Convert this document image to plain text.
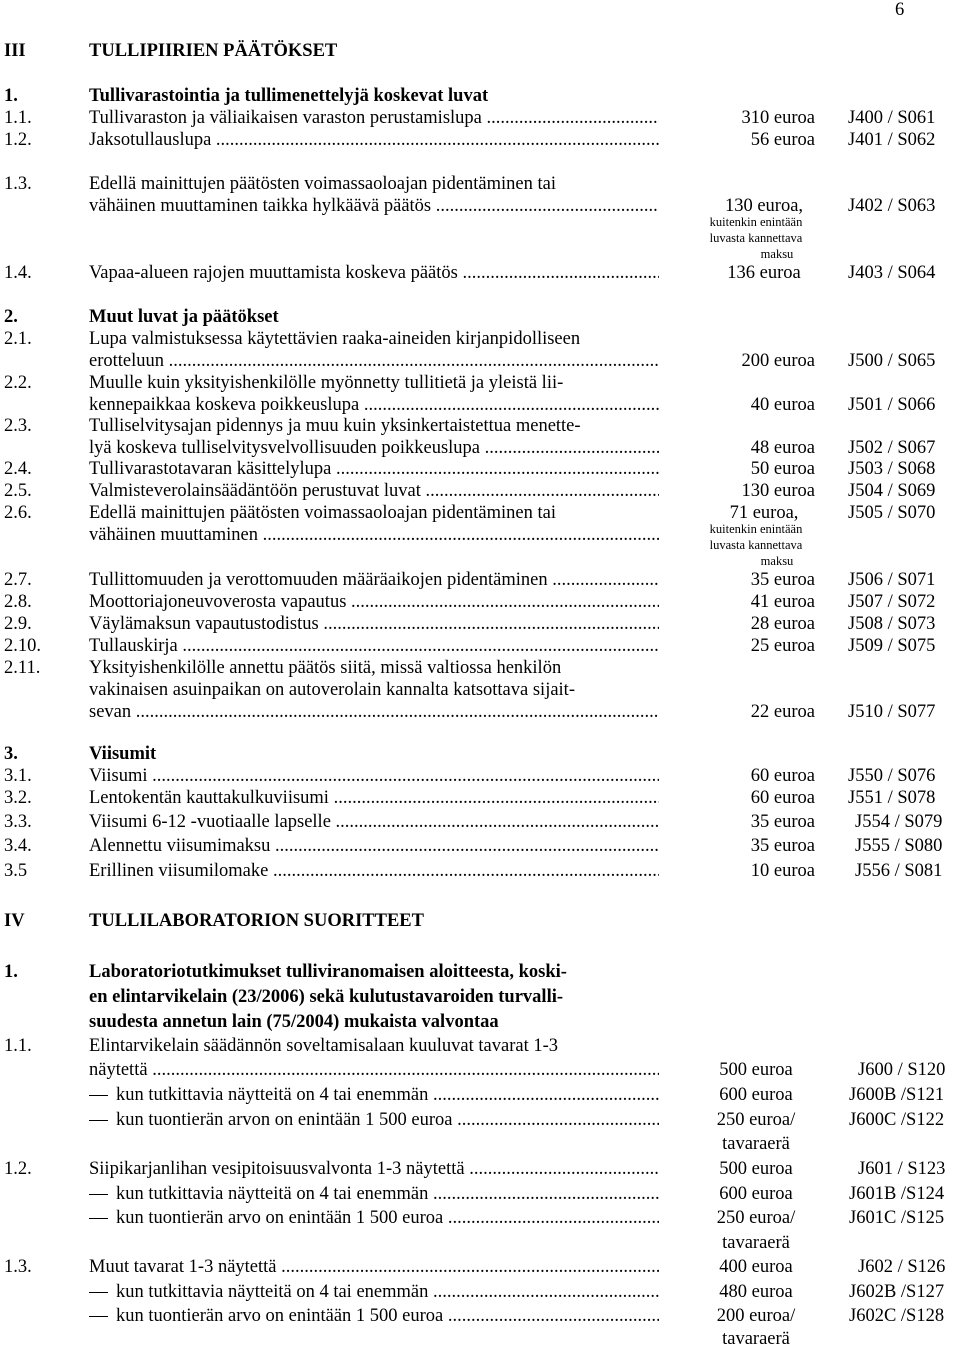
6
III	TULLIPIIRIEN PÄÄTÖKSET
1.	Tullivarastointia ja tullimenettelyjä koskevat luvat
1.1.	Tullivaraston ja väliaikaisen varaston perustamislupa .....	310 euroa J400 / S061
1.2.	Jaksotullauslupa .....	56 euroa J401 / S062
1.3.	Edellä mainittujen päätösten voimassaoloajan pidentäminen tai
vähäinen muuttaminen taikka hylkäävä päätös .....	130 euroa,	J402 / S063
kuitenkin enintään
luvasta kannettava
maksu
1.4.	Vapaa-alueen rajojen muuttamista koskeva päätös .....	136 euroa	J403 / S064
2.	Muut luvat ja päätökset
2.1.	Lupa valmistuksessa käytettävien raaka-aineiden kirjanpidolliseen
erotteluun .....	200 euroa J500 / S065
2.2.	Muulle kuin yksityishenkilölle myönnetty tullitietä ja yleistä lii-
kennepaikkaa koskeva poikkeuslupa .....	40 euroa J501 / S066
2.3.	Tulliselvitysajan pidennys ja muu kuin yksinkertaistettua menette-
lyä koskeva tulliselvitysvelvollisuuden poikkeuslupa .....	48 euroa J502 / S067
2.4.	Tullivarastotavaran käsittelylupa .....	50 euroa J503 / S068
2.5.	Valmisteverolainsäädäntöön perustuvat luvat .....	130 euroa J504 / S069
2.6.	Edellä mainittujen päätösten voimassaoloajan pidentäminen tai	71 euroa,	J505 / S070
vähäinen muuttaminen .....	kuitenkin enintään
luvasta kannettava
maksu
2.7.	Tullittomuuden ja verottomuuden määräaikojen pidentäminen .....	35 euroa J506 / S071
2.8.	Moottoriajoneuvoverosta vapautus .....	41 euroa J507 / S072
2.9.	Väylämaksun vapautustodistus .....	28 euroa J508 / S073
2.10.	Tullauskirja .....	25 euroa J509 / S075
2.11.	Yksityishenkilölle annettu päätös siitä, missä valtiossa henkilön
vakinaisen asuinpaikan on autoverolain kannalta katsottava sijait-
sevan .....	22 euroa J510 / S077
3.	Viisumit
3.1.	Viisumi .....	60 euroa J550 / S076
3.2.	Lentokentän kauttakulkuviisumi .....	60 euroa J551 / S078
3.3.	Viisumi 6-12 -vuotiaalle lapselle .....	35 euroa J554 / S079
3.4.	Alennettu viisumimaksu .....	35 euroa J555 / S080
3.5	Erillinen viisumilomake .....	10 euroa J556 / S081
IV	TULLILABORATORION SUORITTEET
1.	Laboratoriotutkimukset tulliviranomaisen aloitteesta, koski-
en elintarvikelain (23/2006) sekä kulutustavaroiden turvalli-
suudesta annetun lain (75/2004) mukaista valvontaa
1.1.	Elintarvikelain säädännön soveltamisalaan kuuluvat tavarat 1-3
näytettä .....	500 euroa	J600 / S120
kun tutkittavia näytteitä on 4 tai enemmän .....	600 euroa	J600B /S121
kun tuontierän arvon on enintään 1 500 euroa .....	250 euroa/	J600C /S122
tavaraerä
1.2.	Siipikarjanlihan vesipitoisuusvalvonta 1-3 näytettä .....	500 euroa	J601 / S123
kun tutkittavia näytteitä on 4 tai enemmän .....	600 euroa	J601B /S124
kun tuontierän arvo on enintään 1 500 euroa .....	250 euroa/	J601C /S125
tavaraerä
1.3.	Muut tavarat 1-3 näytettä .....	400 euroa	J602 / S126
kun tutkittavia näytteitä on 4 tai enemmän .....	480 euroa	J602B /S127
kun tuontierän arvo on enintään 1 500 euroa .....	200 euroa/	J602C /S128
tavaraerä
